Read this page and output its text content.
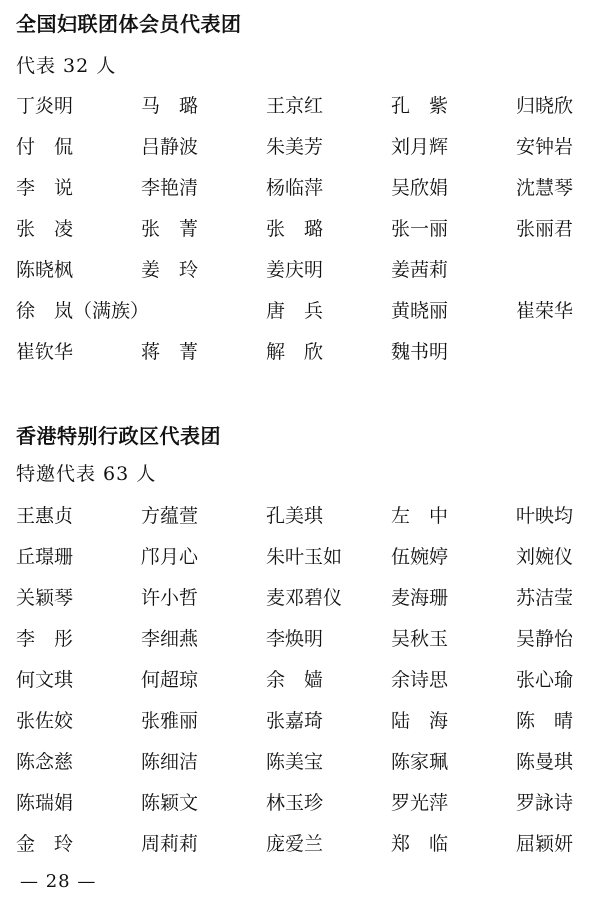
全国妇联团体会员代表团
代表 32 人
丁炎明	马　璐	王京红	孔　紫	归晓欣
付　侃	吕静波	朱美芳	刘月辉	安钟岩
李　说	李艳清	杨临萍	吴欣娟	沈慧琴
张　凌	张　菁	张　璐	张一丽	张丽君
陈晓枫	姜　玲	姜庆明	姜茜莉
徐　岚（满族）	唐　兵	黄晓丽	崔荣华
崔钦华	蒋　菁	解　欣	魏书明
香港特别行政区代表团
特邀代表 63 人
王惠贞	方蕴萱	孔美琪	左　中	叶映均
丘璟珊	邝月心	朱叶玉如	伍婉婷	刘婉仪
关颖琴	许小哲	麦邓碧仪	麦海珊	苏洁莹
李　彤	李细燕	李焕明	吴秋玉	吴静怡
何文琪	何超琼	余　嫱	余诗思	张心瑜
张佐姣	张雅丽	张嘉琦	陆　海	陈　晴
陈念慈	陈细洁	陈美宝	陈家珮	陈曼琪
陈瑞娟	陈颖文	林玉珍	罗光萍	罗詠诗
金　玲	周莉莉	庞爱兰	郑　临	屈颖妍
— 28 —
